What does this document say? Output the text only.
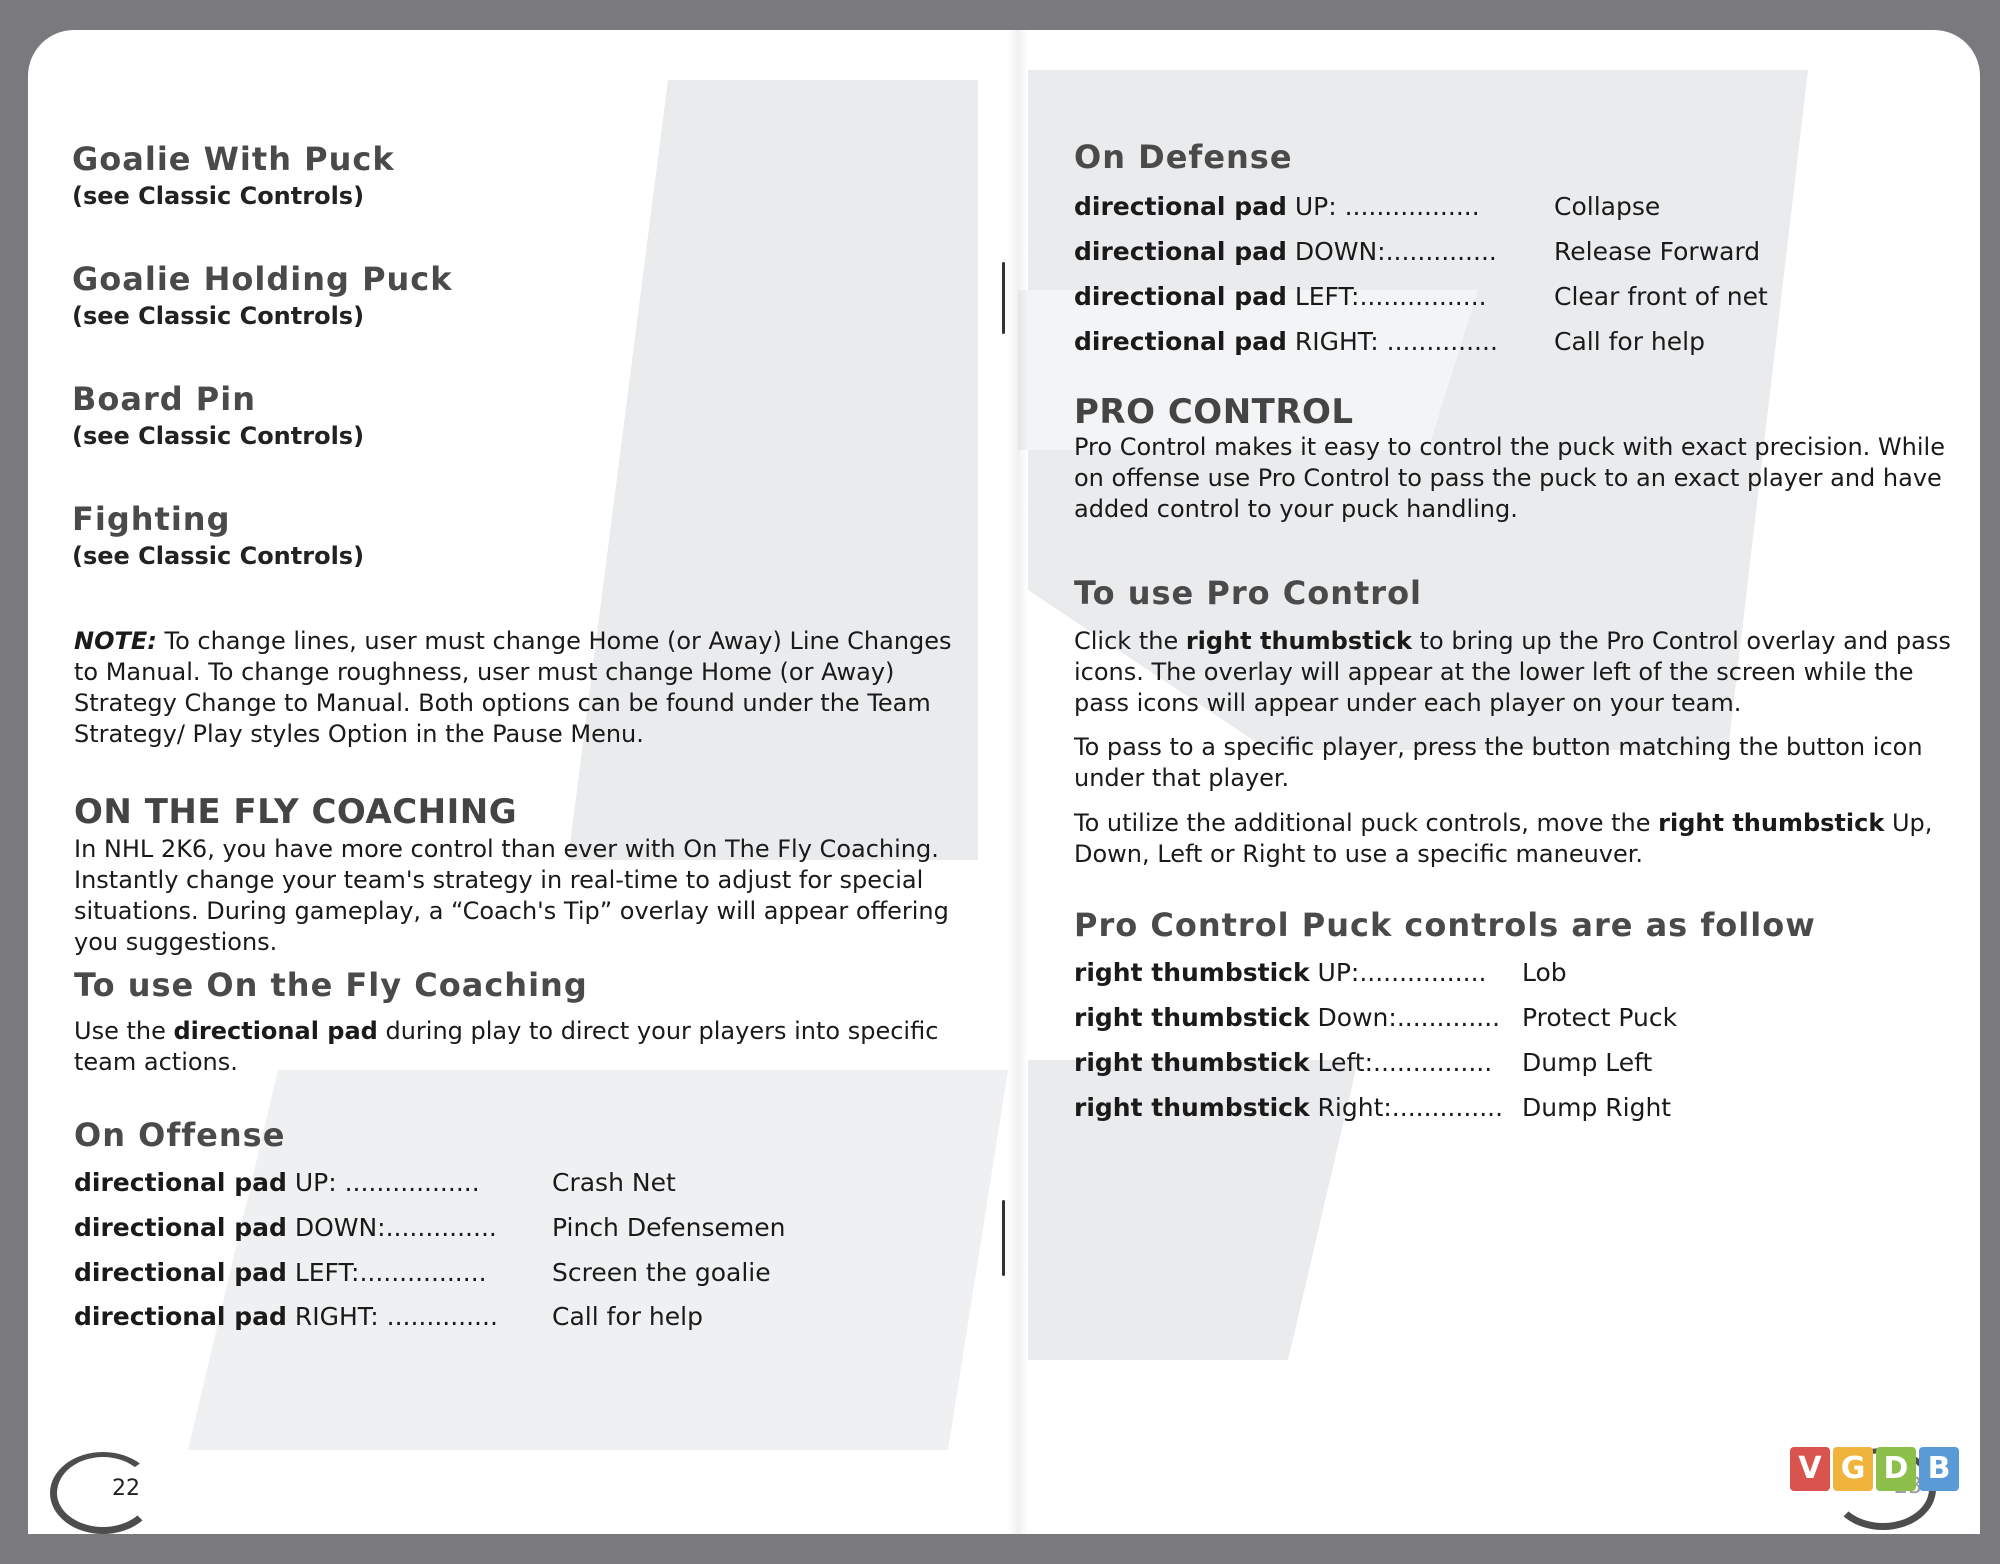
Goalie With Puck
(see Classic Controls)
Goalie Holding Puck
(see Classic Controls)
Board Pin
(see Classic Controls)
Fighting
(see Classic Controls)

NOTE: To change lines, user must change Home (or Away) Line Changes to Manual. To change roughness, user must change Home (or Away) Strategy Change to Manual. Both options can be found under the Team Strategy/ Play styles Option in the Pause Menu.

ON THE FLY COACHING

In NHL 2K6, you have more control than ever with On The Fly Coaching. Instantly change your team's strategy in real-time to adjust for special situations. During gameplay, a “Coach's Tip” overlay will appear offering you suggestions.

To use On the Fly Coaching

Use the directional pad during play to direct your players into specific team actions.

On Offense
directional pad UP: .................	Crash Net
directional pad DOWN:..............	Pinch Defensemen
directional pad LEFT:................	Screen the goalie
directional pad RIGHT: ..............	Call for help
22
On Defense
directional pad UP: .................	Collapse
directional pad DOWN:..............	Release Forward
directional pad LEFT:................	Clear front of net
directional pad RIGHT: ..............	Call for help
PRO CONTROL

Pro Control makes it easy to control the puck with exact precision. While on offense use Pro Control to pass the puck to an exact player and have added control to your puck handling.

To use Pro Control

Click the right thumbstick to bring up the Pro Control overlay and pass icons. The overlay will appear at the lower left of the screen while the pass icons will appear under each player on your team.

To pass to a specific player, press the button matching the button icon under that player.

To utilize the additional puck controls, move the right thumbstick Up, Down, Left or Right to use a specific maneuver.

Pro Control Puck controls are as follow
right thumbstick UP:................	Lob
right thumbstick Down:............. Protect Puck
right thumbstick Left:...............	Dump Left
right thumbstick Right:.............. Dump Right
V G D B
